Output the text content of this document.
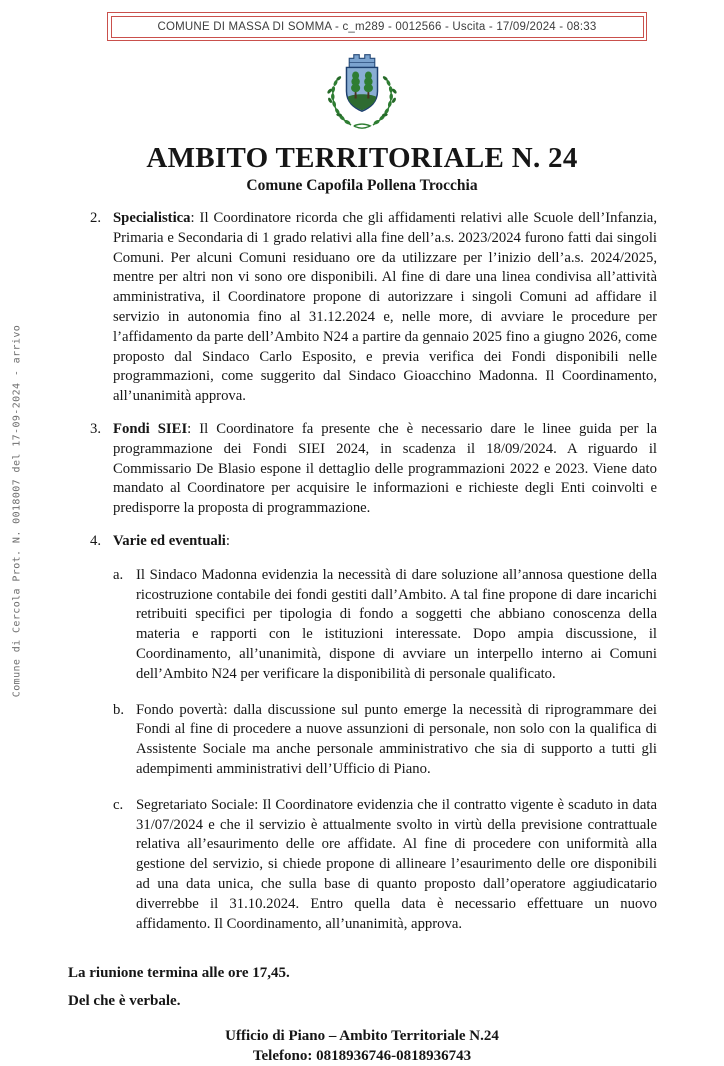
COMUNE DI MASSA DI SOMMA - c_m289 - 0012566 - Uscita - 17/09/2024 - 08:33
Comune di Cercola Prot. N. 0018007 del 17-09-2024 - arrivo
AMBITO TERRITORIALE N. 24
Comune Capofila Pollena Trocchia
2. Specialistica: Il Coordinatore ricorda che gli affidamenti relativi alle Scuole dell’Infanzia, Primaria e Secondaria di 1 grado relativi alla fine dell’a.s. 2023/2024 furono fatti dai singoli Comuni. Per alcuni Comuni residuano ore da utilizzare per l’inizio dell’a.s. 2024/2025, mentre per altri non vi sono ore disponibili. Al fine di dare una linea condivisa all’attività amministrativa, il Coordinatore propone di autorizzare i singoli Comuni ad affidare il servizio in autonomia fino al 31.12.2024 e, nelle more, di avviare le procedure per l’affidamento da parte dell’Ambito N24 a partire da gennaio 2025 fino a giugno 2026, come proposto dal Sindaco Carlo Esposito, e previa verifica dei Fondi disponibili nelle programmazioni, come suggerito dal Sindaco Gioacchino Madonna. Il Coordinamento, all’unanimità approva.
3. Fondi SIEI: Il Coordinatore fa presente che è necessario dare le linee guida per la programmazione dei Fondi SIEI 2024, in scadenza il 18/09/2024. A riguardo il Commissario De Blasio espone il dettaglio delle programmazioni 2022 e 2023. Viene dato mandato al Coordinatore per acquisire le informazioni e richieste degli Enti coinvolti e predisporre la proposta di programmazione.
4. Varie ed eventuali:
a. Il Sindaco Madonna evidenzia la necessità di dare soluzione all’annosa questione della ricostruzione contabile dei fondi gestiti dall’Ambito. A tal fine propone di dare incarichi retribuiti specifici per tipologia di fondo a soggetti che abbiano conoscenza della materia e rapporti con le istituzioni interessate. Dopo ampia discussione, il Coordinamento, all’unanimità, dispone di avviare un interpello interno ai Comuni dell’Ambito N24 per verificare la disponibilità di personale qualificato.
b. Fondo povertà: dalla discussione sul punto emerge la necessità di riprogrammare dei Fondi al fine di procedere a nuove assunzioni di personale, non solo con la qualifica di Assistente Sociale ma anche personale amministrativo che sia di supporto a tutti gli adempimenti amministrativi dell’Ufficio di Piano.
c. Segretariato Sociale: Il Coordinatore evidenzia che il contratto vigente è scaduto in data 31/07/2024 e che il servizio è attualmente svolto in virtù della previsione contrattuale relativa all’esaurimento delle ore affidate. Al fine di procedere con uniformità alla gestione del servizio, si chiede propone di allineare l’esaurimento delle ore disponibili ad una data unica, che sulla base di quanto proposto dall’operatore aggiudicatario diverrebbe il 31.10.2024. Entro quella data è necessario effettuare un nuovo affidamento. Il Coordinamento, all’unanimità, approva.
La riunione termina alle ore 17,45.
Del che è verbale.
Ufficio di Piano – Ambito Territoriale N.24
Telefono: 0818936746-0818936743
